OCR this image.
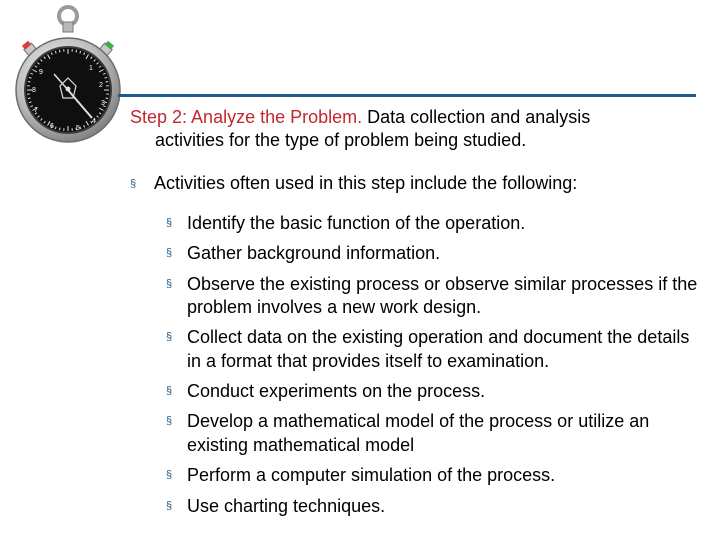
1
2
3
4
5
6
7
8
9
Step 2: Analyze the Problem. Data collection and analysis
activities for the type of problem being studied.
§ Activities often used in this step include the following:
§ Identify the basic function of the operation.
§ Gather background information.
§ Observe the existing process or observe similar processes if the problem involves a new work design.
§ Collect data on the existing operation and document the details in a format that provides itself to examination.
§ Conduct experiments on the process.
§ Develop a mathematical model of the process or utilize an existing mathematical model
§ Perform a computer simulation of the process.
§ Use charting techniques.
